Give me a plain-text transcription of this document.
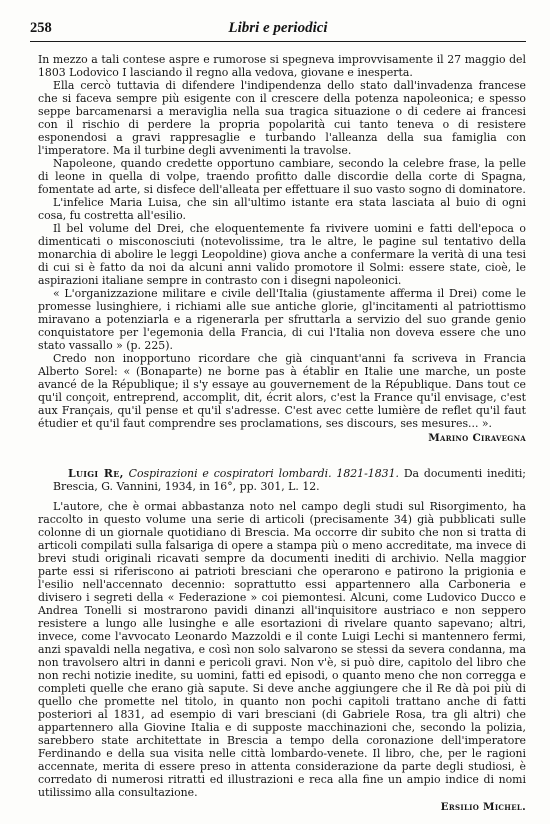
258	Libri e periodici

In mezzo a tali contese aspre e rumorose si spegneva improvvisamente il 27 maggio del 1803 Lodovico I lasciando il regno alla vedova, giovane e inesperta.

Ella cercò tuttavia di difendere l'indipendenza dello stato dall'invadenza francese che si faceva sempre più esigente con il crescere della potenza napoleonica; e spesso seppe barcamenarsi a meraviglia nella sua tragica situazione o di cedere ai francesi con il rischio di perdere la propria popolarità cui tanto teneva o di resistere esponendosi a gravi rappresaglie e turbando l'alleanza della sua famiglia con l'imperatore. Ma il turbine degli avvenimenti la travolse.

Napoleone, quando credette opportuno cambiare, secondo la celebre frase, la pelle di leone in quella di volpe, traendo profitto dalle discordie della corte di Spagna, fomentate ad arte, si disfece dell'alleata per effettuare il suo vasto sogno di dominatore.

L'infelice Maria Luisa, che sin all'ultimo istante era stata lasciata al buio di ogni cosa, fu costretta all'esilio.

Il bel volume del Drei, che eloquentemente fa rivivere uomini e fatti dell'epoca o dimenticati o misconosciuti (notevolissime, tra le altre, le pagine sul tentativo della monarchia di abolire le leggi Leopoldine) giova anche a confermare la verità di una tesi di cui si è fatto da noi da alcuni anni valido promotore il Solmi: essere state, cioè, le aspirazioni italiane sempre in contrasto con i disegni napoleonici.

« L'organizzazione militare e civile dell'Italia (giustamente afferma il Drei) come le promesse lusinghiere, i richiami alle sue antiche glorie, gl'incitamenti al patriottismo miravano a potenziarla e a rigenerarla per sfruttarla a servizio del suo grande genio conquistatore per l'egemonia della Francia, di cui l'Italia non doveva essere che uno stato vassallo » (p. 225).

Credo non inopportuno ricordare che già cinquant'anni fa scriveva in Francia Alberto Sorel: « (Bonaparte) ne borne pas à établir en Italie une marche, un poste avancé de la République; il s'y essaye au gouvernement de la République. Dans tout ce qu'il conçoit, entreprend, accomplit, dit, écrit alors, c'est la France qu'il envisage, c'est aux Français, qu'il pense et qu'il s'adresse. C'est avec cette lumière de reflet qu'il faut étudier et qu'il faut comprendre ses proclamations, ses discours, ses mesures... ».

Marino Ciravegna

Luigi Re, Cospirazioni e cospiratori lombardi. 1821-1831. Da documenti inediti; Brescia, G. Vannini, 1934, in 16°, pp. 301, L. 12.

L'autore, che è ormai abbastanza noto nel campo degli studi sul Risorgimento, ha raccolto in questo volume una serie di articoli (precisamente 34) già pubblicati sulle colonne di un giornale quotidiano di Brescia. Ma occorre dir subito che non si tratta di articoli compilati sulla falsariga di opere a stampa più o meno accreditate, ma invece di brevi studi originali ricavati sempre da documenti inediti di archivio. Nella maggior parte essi si riferiscono ai patrioti bresciani che operarono e patirono la prigionia e l'esilio nell'accennato decennio: soprattutto essi appartennero alla Carboneria e divisero i segreti della « Federazione » coi piemontesi. Alcuni, come Ludovico Ducco e Andrea Tonelli si mostrarono pavidi dinanzi all'inquisitore austriaco e non seppero resistere a lungo alle lusinghe e alle esortazioni di rivelare quanto sapevano; altri, invece, come l'avvocato Leonardo Mazzoldi e il conte Luigi Lechi si mantennero fermi, anzi spavaldi nella negativa, e così non solo salvarono se stessi da severa condanna, ma non travolsero altri in danni e pericoli gravi. Non v'è, si può dire, capitolo del libro che non rechi notizie inedite, su uomini, fatti ed episodi, o quanto meno che non corregga e completi quelle che erano già sapute. Si deve anche aggiungere che il Re dà poi più di quello che promette nel titolo, in quanto non pochi capitoli trattano anche di fatti posteriori al 1831, ad esempio di vari bresciani (di Gabriele Rosa, tra gli altri) che appartennero alla Giovine Italia e di supposte macchinazioni che, secondo la polizia, sarebbero state architettate in Brescia a tempo della coronazione dell'imperatore Ferdinando e della sua visita nelle città lombardo-venete. Il libro, che, per le ragioni accennate, merita di essere preso in attenta considerazione da parte degli studiosi, è corredato di numerosi ritratti ed illustrazioni e reca alla fine un ampio indice di nomi utilissimo alla consultazione.

Ersilio Michel.
